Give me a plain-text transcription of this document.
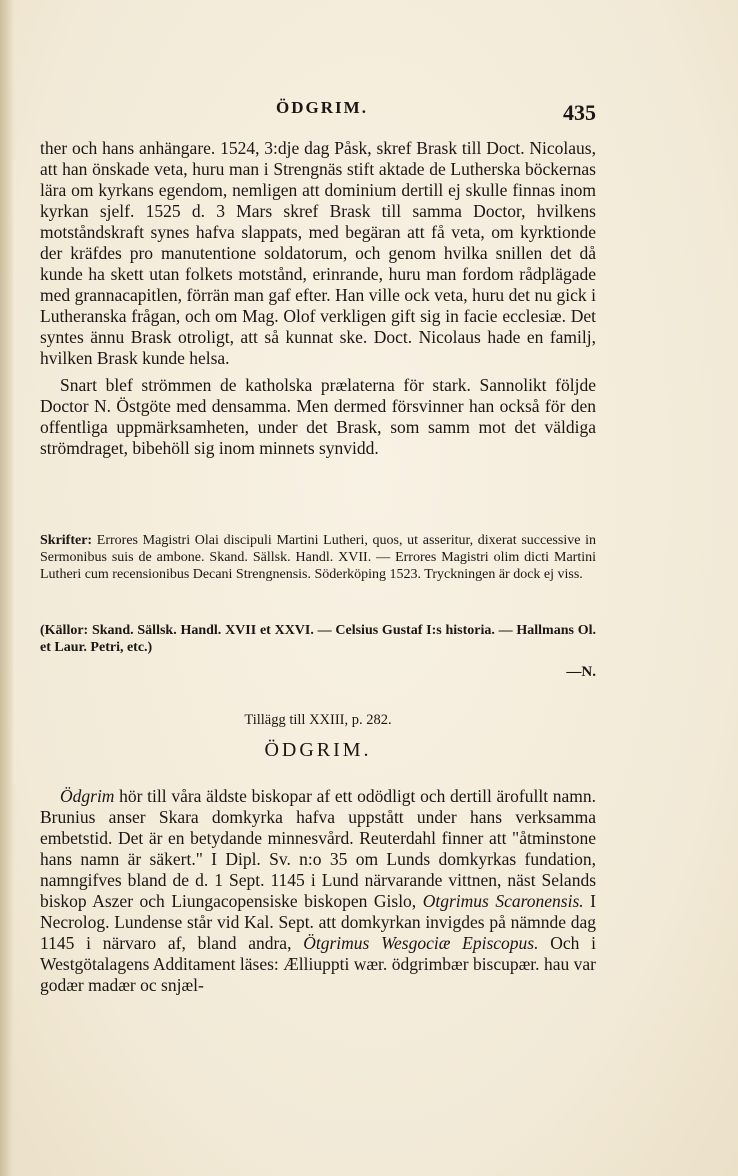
ÖDGRIM.	435

ther och hans anhängare. 1524, 3:dje dag Påsk, skref Brask till Doct. Nicolaus, att han önskade veta, huru man i Strengnäs stift aktade de Lutherska böckernas lära om kyrkans egendom, nemligen att dominium dertill ej skulle finnas inom kyrkan sjelf. 1525 d. 3 Mars skref Brask till samma Doctor, hvilkens motståndskraft synes hafva slappats, med begäran att få veta, om kyrktionde der kräfdes pro manutentione soldatorum, och genom hvilka snillen det då kunde ha skett utan folkets motstånd, erinrande, huru man fordom rådplägade med grannacapitlen, förrän man gaf efter. Han ville ock veta, huru det nu gick i Lutheranska frågan, och om Mag. Olof verkligen gift sig in facie ecclesiæ. Det syntes ännu Brask otroligt, att så kunnat ske. Doct. Nicolaus hade en familj, hvilken Brask kunde helsa.

Snart blef strömmen de katholska prælaterna för stark. Sannolikt följde Doctor N. Östgöte med densamma. Men dermed försvinner han också för den offentliga uppmärksamheten, under det Brask, som samm mot det väldiga strömdraget, bibehöll sig inom minnets synvidd.

Skrifter: Errores Magistri Olai discipuli Martini Lutheri, quos, ut asseritur, dixerat successive in Sermonibus suis de ambone. Skand. Sällsk. Handl. XVII. — Errores Magistri olim dicti Martini Lutheri cum recensionibus Decani Strengnensis. Söderköping 1523. Tryckningen är dock ej viss.
(Källor: Skand. Sällsk. Handl. XVII et XXVI. — Celsius Gustaf I:s historia. — Hallmans Ol. et Laur. Petri, etc.)
—N.
Tillägg till XXIII, p. 282.
ÖDGRIM.

Ödgrim hör till våra äldste biskopar af ett odödligt och dertill ärofullt namn. Brunius anser Skara domkyrka hafva uppstått under hans verksamma embetstid. Det är en betydande minnesvård. Reuterdahl finner att "åtminstone hans namn är säkert." I Dipl. Sv. n:o 35 om Lunds domkyrkas fundation, namngifves bland de d. 1 Sept. 1145 i Lund närvarande vittnen, näst Selands biskop Aszer och Liungacopensiske biskopen Gislo, Otgrimus Scaronensis. I Necrolog. Lundense står vid Kal. Sept. att domkyrkan invigdes på nämnde dag 1145 i närvaro af, bland andra, Ötgrimus Wesgociæ Episcopus. Och i Westgötalagens Additament läses: Ælliuppti wær. ödgrimbær biscupær. hau var godær madær oc snjæl-
